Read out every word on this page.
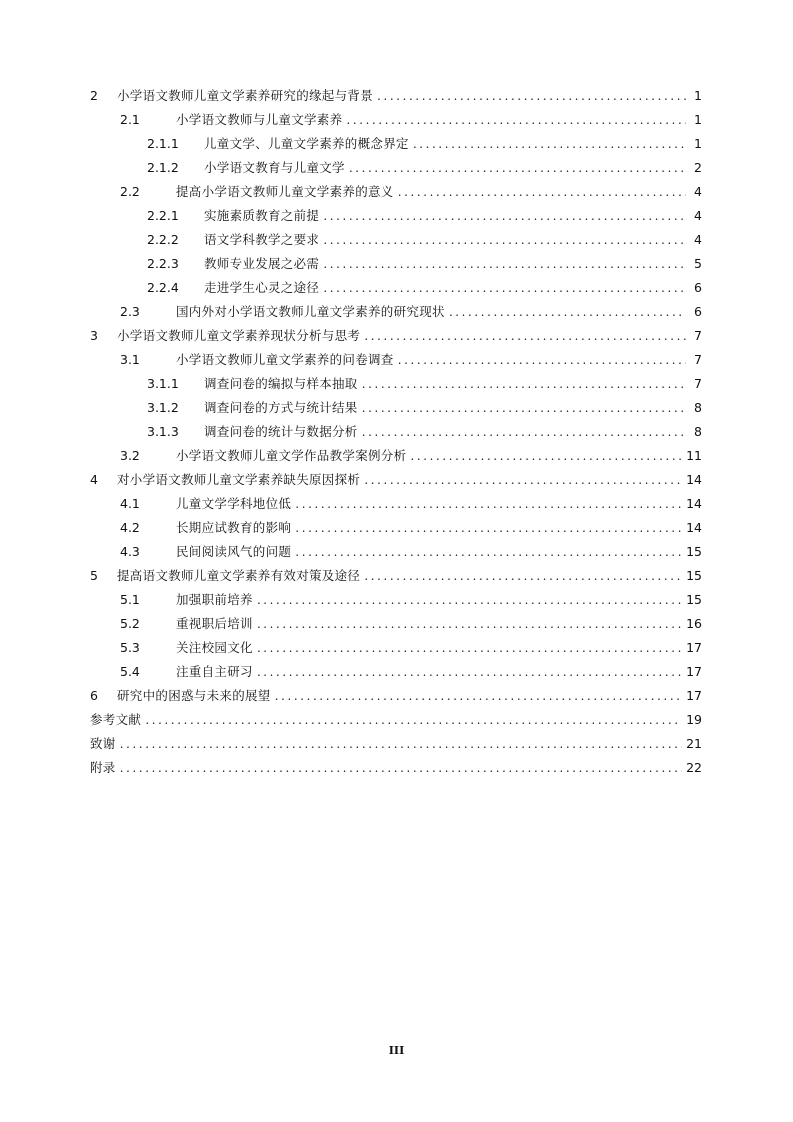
2	小学语文教师儿童文学素养研究的缘起与背景 .....	1
2.1	小学语文教师与儿童文学素养 .....	1
2.1.1	儿童文学、儿童文学素养的概念界定 .....	1
2.1.2	小学语文教育与儿童文学 .....	2
2.2	提高小学语文教师儿童文学素养的意义 .....	4
2.2.1	实施素质教育之前提 .....	4
2.2.2	语文学科教学之要求 .....	4
2.2.3	教师专业发展之必需 .....	5
2.2.4	走进学生心灵之途径 .....	6
2.3	国内外对小学语文教师儿童文学素养的研究现状 .....	6
3	小学语文教师儿童文学素养现状分析与思考 .....	7
3.1	小学语文教师儿童文学素养的问卷调查 .....	7
3.1.1	调查问卷的编拟与样本抽取 .....	7
3.1.2	调查问卷的方式与统计结果 .....	8
3.1.3	调查问卷的统计与数据分析 .....	8
3.2	小学语文教师儿童文学作品教学案例分析 .....	11
4	对小学语文教师儿童文学素养缺失原因探析 .....	14
4.1	儿童文学学科地位低 .....	14
4.2	长期应试教育的影响 .....	14
4.3	民间阅读风气的问题 .....	15
5	提高语文教师儿童文学素养有效对策及途径 .....	15
5.1	加强职前培养 .....	15
5.2	重视职后培训 .....	16
5.3	关注校园文化 .....	17
5.4	注重自主研习 .....	17
6	研究中的困惑与未来的展望 .....	17
参考文献 .....	19
致谢 .....	21
附录 .....	22
III
